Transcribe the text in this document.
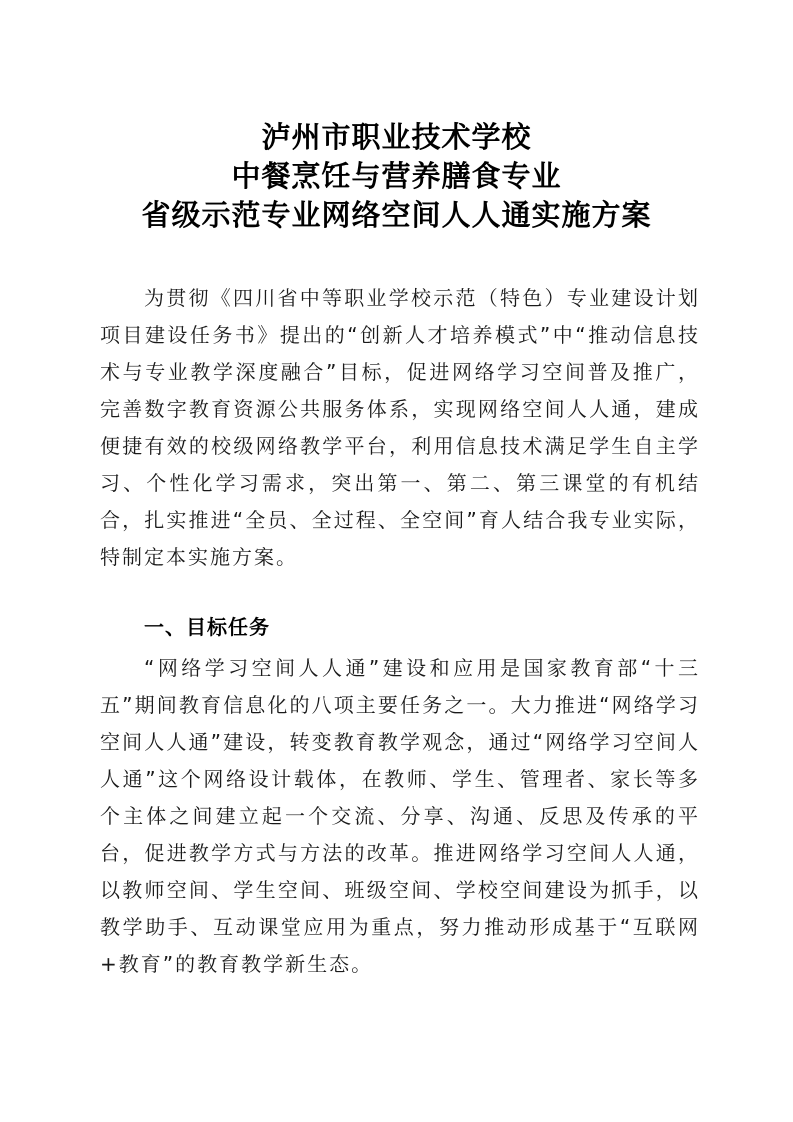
泸州市职业技术学校
中餐烹饪与营养膳食专业
省级示范专业网络空间人人通实施方案
为贯彻《四川省中等职业学校示范（特色）专业建设计划项目建设任务书》提出的“创新人才培养模式”中“推动信息技术与专业教学深度融合”目标，促进网络学习空间普及推广，完善数字教育资源公共服务体系，实现网络空间人人通，建成便捷有效的校级网络教学平台，利用信息技术满足学生自主学习、个性化学习需求，突出第一、第二、第三课堂的有机结合，扎实推进“全员、全过程、全空间”育人结合我专业实际，特制定本实施方案。
一、目标任务
“网络学习空间人人通”建设和应用是国家教育部“十三五”期间教育信息化的八项主要任务之一。大力推进“网络学习空间人人通”建设，转变教育教学观念，通过“网络学习空间人人通”这个网络设计载体，在教师、学生、管理者、家长等多个主体之间建立起一个交流、分享、沟通、反思及传承的平台，促进教学方式与方法的改革。推进网络学习空间人人通，以教师空间、学生空间、班级空间、学校空间建设为抓手，以教学助手、互动课堂应用为重点，努力推动形成基于“互联网+教育”的教育教学新生态。
